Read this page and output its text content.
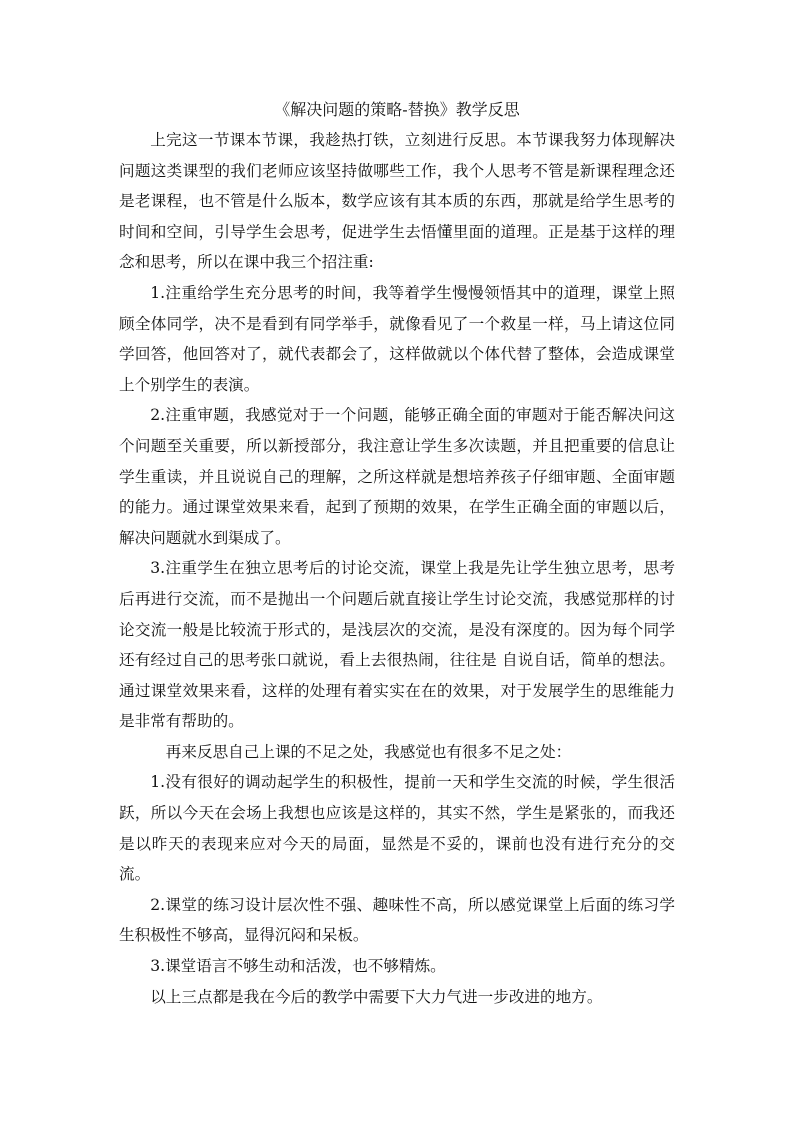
《解决问题的策略-替换》教学反思

上完这一节课本节课，我趁热打铁，立刻进行反思。本节课我努力体现解决问题这类课型的我们老师应该坚持做哪些工作，我个人思考不管是新课程理念还是老课程，也不管是什么版本，数学应该有其本质的东西，那就是给学生思考的时间和空间，引导学生会思考，促进学生去悟懂里面的道理。正是基于这样的理念和思考，所以在课中我三个招注重:

1.注重给学生充分思考的时间，我等着学生慢慢领悟其中的道理，课堂上照顾全体同学，决不是看到有同学举手，就像看见了一个救星一样，马上请这位同学回答，他回答对了，就代表都会了，这样做就以个体代替了整体，会造成课堂上个别学生的表演。

2.注重审题，我感觉对于一个问题，能够正确全面的审题对于能否解决问这个问题至关重要，所以新授部分，我注意让学生多次读题，并且把重要的信息让学生重读，并且说说自己的理解，之所这样就是想培养孩子仔细审题、全面审题的能力。通过课堂效果来看，起到了预期的效果，在学生正确全面的审题以后，解决问题就水到渠成了。

3.注重学生在独立思考后的讨论交流，课堂上我是先让学生独立思考，思考后再进行交流，而不是抛出一个问题后就直接让学生讨论交流，我感觉那样的讨论交流一般是比较流于形式的，是浅层次的交流，是没有深度的。因为每个同学还有经过自己的思考张口就说，看上去很热闹，往往是 自说自话，简单的想法。通过课堂效果来看，这样的处理有着实实在在的效果，对于发展学生的思维能力是非常有帮助的。

再来反思自己上课的不足之处，我感觉也有很多不足之处：

1.没有很好的调动起学生的积极性，提前一天和学生交流的时候，学生很活跃，所以今天在会场上我想也应该是这样的，其实不然，学生是紧张的，而我还是以昨天的表现来应对今天的局面，显然是不妥的，课前也没有进行充分的交流。

2.课堂的练习设计层次性不强、趣味性不高，所以感觉课堂上后面的练习学生积极性不够高，显得沉闷和呆板。

3.课堂语言不够生动和活泼，也不够精炼。

以上三点都是我在今后的教学中需要下大力气进一步改进的地方。
